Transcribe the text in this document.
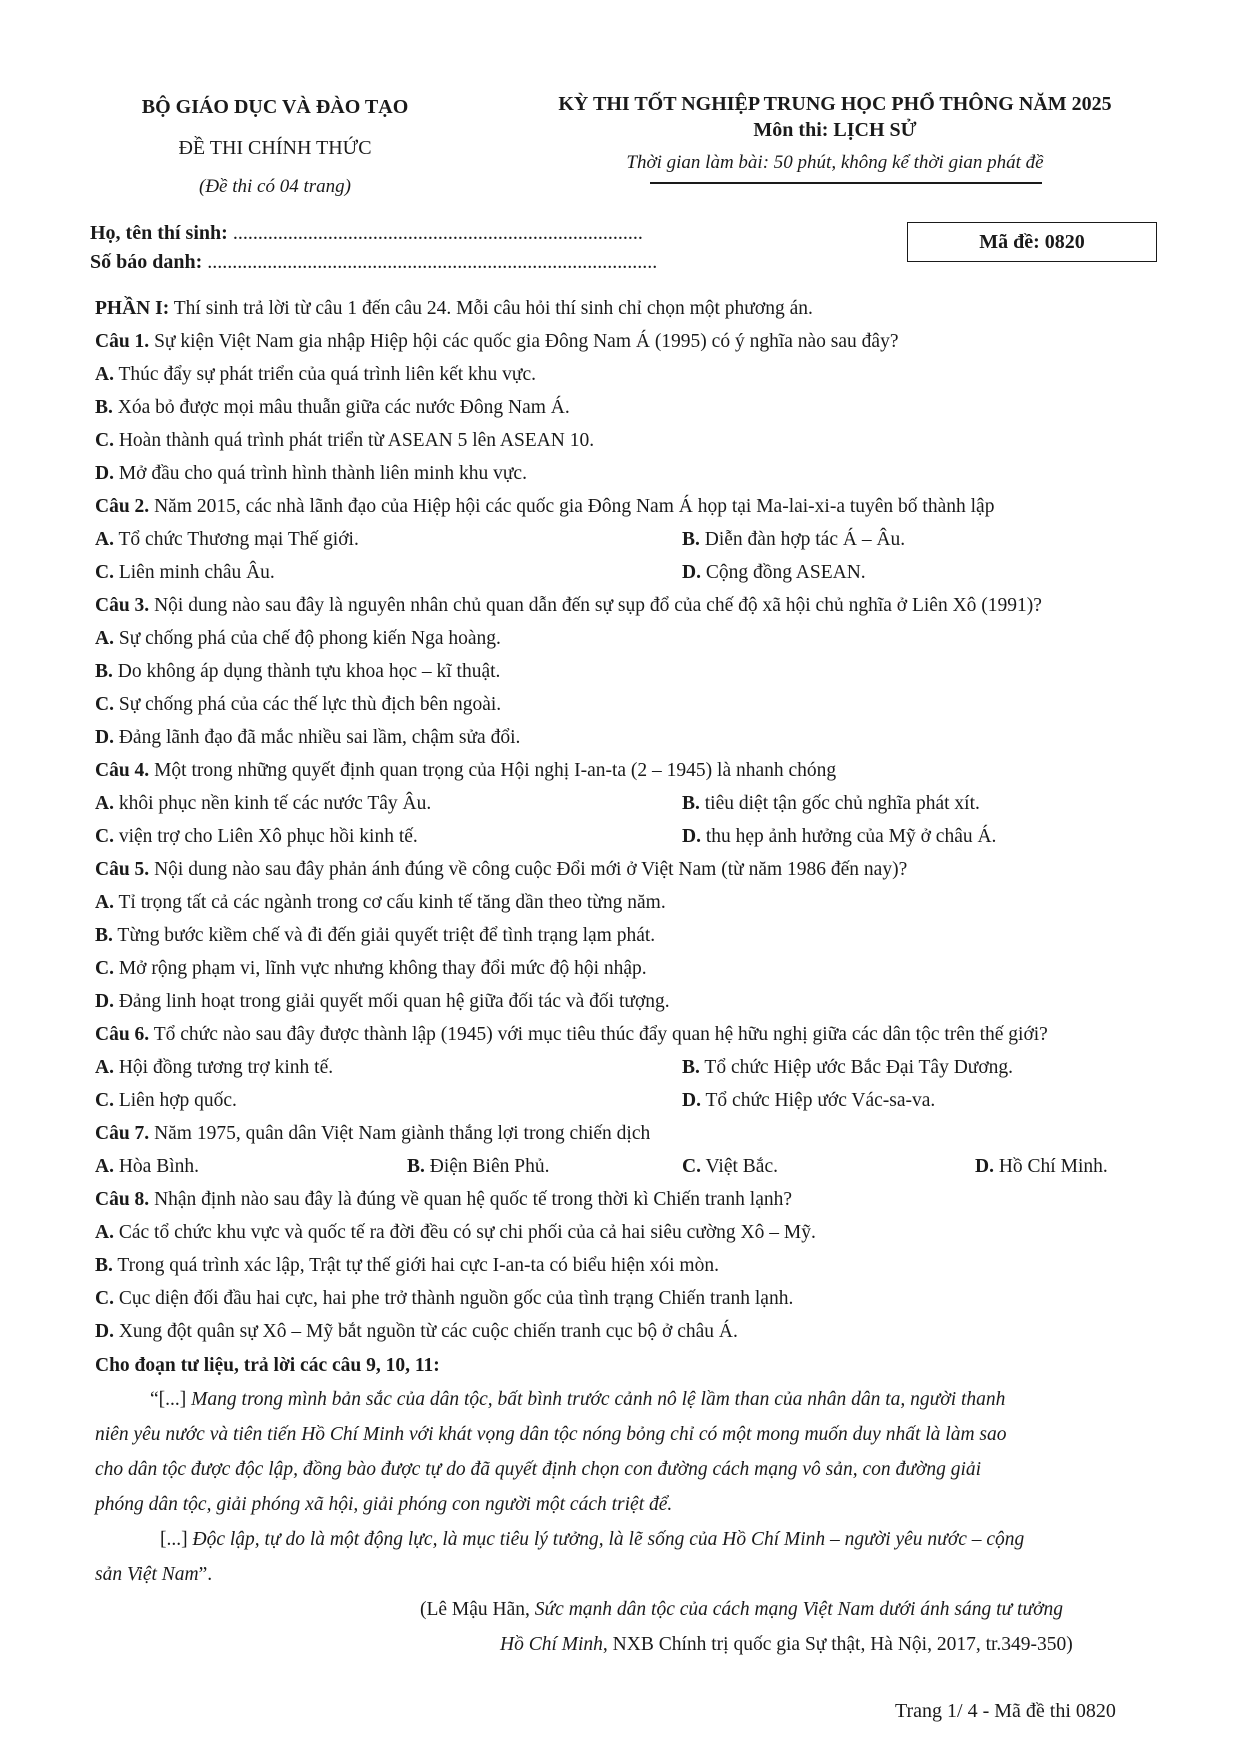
BỘ GIÁO DỤC VÀ ĐÀO TẠO
ĐỀ THI CHÍNH THỨC
(Đề thi có 04 trang)
KỲ THI TỐT NGHIỆP TRUNG HỌC PHỔ THÔNG NĂM 2025
Môn thi: LỊCH SỬ
Thời gian làm bài: 50 phút, không kể thời gian phát đề
Họ, tên thí sinh: ..................................................................................
Số báo danh: ..........................................................................................
Mã đề: 0820
PHẦN I: Thí sinh trả lời từ câu 1 đến câu 24. Mỗi câu hỏi thí sinh chỉ chọn một phương án.
Câu 1. Sự kiện Việt Nam gia nhập Hiệp hội các quốc gia Đông Nam Á (1995) có ý nghĩa nào sau đây?
A. Thúc đẩy sự phát triển của quá trình liên kết khu vực.
B. Xóa bỏ được mọi mâu thuẫn giữa các nước Đông Nam Á.
C. Hoàn thành quá trình phát triển từ ASEAN 5 lên ASEAN 10.
D. Mở đầu cho quá trình hình thành liên minh khu vực.
Câu 2. Năm 2015, các nhà lãnh đạo của Hiệp hội các quốc gia Đông Nam Á họp tại Ma-lai-xi-a tuyên bố thành lập
A. Tổ chức Thương mại Thế giới.	B. Diễn đàn hợp tác Á – Âu.
C. Liên minh châu Âu.	D. Cộng đồng ASEAN.
Câu 3. Nội dung nào sau đây là nguyên nhân chủ quan dẫn đến sự sụp đổ của chế độ xã hội chủ nghĩa ở Liên Xô (1991)?
A. Sự chống phá của chế độ phong kiến Nga hoàng.
B. Do không áp dụng thành tựu khoa học – kĩ thuật.
C. Sự chống phá của các thế lực thù địch bên ngoài.
D. Đảng lãnh đạo đã mắc nhiều sai lầm, chậm sửa đổi.
Câu 4. Một trong những quyết định quan trọng của Hội nghị I-an-ta (2 – 1945) là nhanh chóng
A. khôi phục nền kinh tế các nước Tây Âu.	B. tiêu diệt tận gốc chủ nghĩa phát xít.
C. viện trợ cho Liên Xô phục hồi kinh tế.	D. thu hẹp ảnh hưởng của Mỹ ở châu Á.
Câu 5. Nội dung nào sau đây phản ánh đúng về công cuộc Đổi mới ở Việt Nam (từ năm 1986 đến nay)?
A. Tỉ trọng tất cả các ngành trong cơ cấu kinh tế tăng dần theo từng năm.
B. Từng bước kiềm chế và đi đến giải quyết triệt để tình trạng lạm phát.
C. Mở rộng phạm vi, lĩnh vực nhưng không thay đổi mức độ hội nhập.
D. Đảng linh hoạt trong giải quyết mối quan hệ giữa đối tác và đối tượng.
Câu 6. Tổ chức nào sau đây được thành lập (1945) với mục tiêu thúc đẩy quan hệ hữu nghị giữa các dân tộc trên thế giới?
A. Hội đồng tương trợ kinh tế.	B. Tổ chức Hiệp ước Bắc Đại Tây Dương.
C. Liên hợp quốc.	D. Tổ chức Hiệp ước Vác-sa-va.
Câu 7. Năm 1975, quân dân Việt Nam giành thắng lợi trong chiến dịch
A. Hòa Bình.	B. Điện Biên Phủ.	C. Việt Bắc.	D. Hồ Chí Minh.
Câu 8. Nhận định nào sau đây là đúng về quan hệ quốc tế trong thời kì Chiến tranh lạnh?
A. Các tổ chức khu vực và quốc tế ra đời đều có sự chi phối của cả hai siêu cường Xô – Mỹ.
B. Trong quá trình xác lập, Trật tự thế giới hai cực I-an-ta có biểu hiện xói mòn.
C. Cục diện đối đầu hai cực, hai phe trở thành nguồn gốc của tình trạng Chiến tranh lạnh.
D. Xung đột quân sự Xô – Mỹ bắt nguồn từ các cuộc chiến tranh cục bộ ở châu Á.
Cho đoạn tư liệu, trả lời các câu 9, 10, 11:
“[...] Mang trong mình bản sắc của dân tộc, bất bình trước cảnh nô lệ lầm than của nhân dân ta, người thanh
niên yêu nước và tiên tiến Hồ Chí Minh với khát vọng dân tộc nóng bỏng chỉ có một mong muốn duy nhất là làm sao
cho dân tộc được độc lập, đồng bào được tự do đã quyết định chọn con đường cách mạng vô sản, con đường giải
phóng dân tộc, giải phóng xã hội, giải phóng con người một cách triệt để.
[...] Độc lập, tự do là một động lực, là mục tiêu lý tưởng, là lẽ sống của Hồ Chí Minh – người yêu nước – cộng
sản Việt Nam”.
(Lê Mậu Hãn, Sức mạnh dân tộc của cách mạng Việt Nam dưới ánh sáng tư tưởng
Hồ Chí Minh, NXB Chính trị quốc gia Sự thật, Hà Nội, 2017, tr.349-350)
Trang 1/ 4 - Mã đề thi 0820
